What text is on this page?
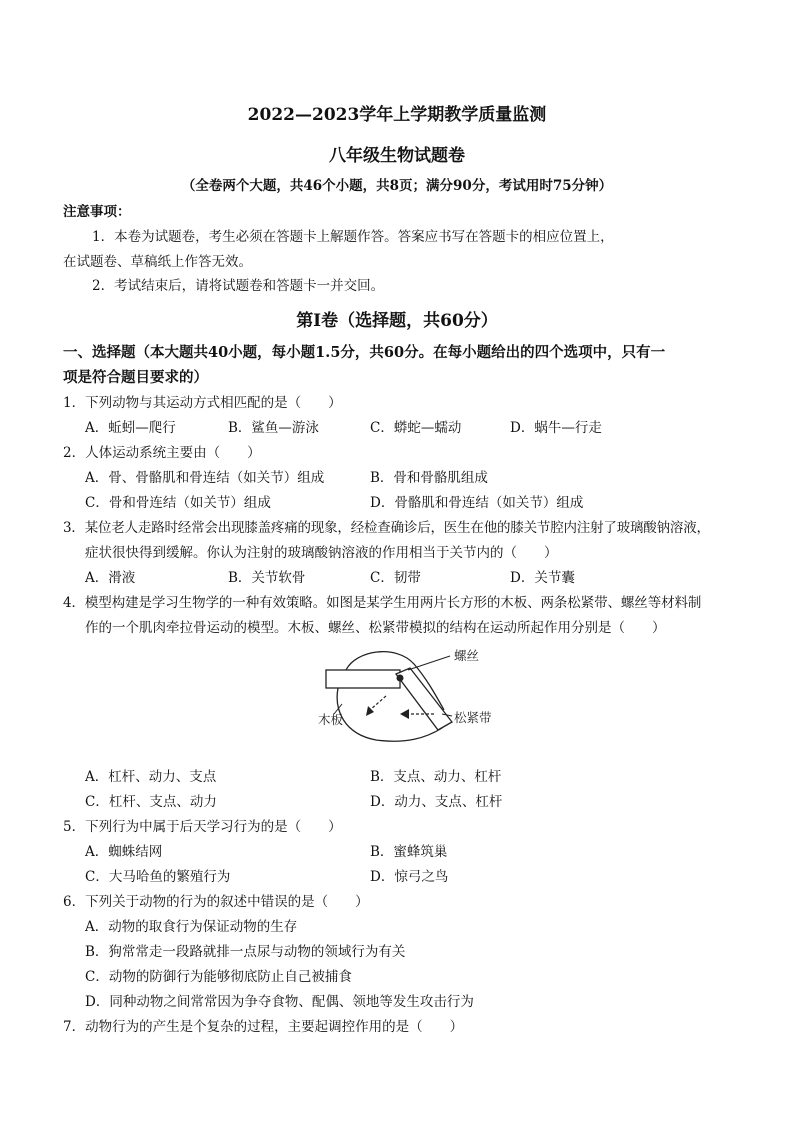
2022—2023学年上学期教学质量监测
八年级生物试题卷
（全卷两个大题，共46个小题，共8页；满分90分，考试用时75分钟）
注意事项：
1．本卷为试题卷，考生必须在答题卡上解题作答。答案应书写在答题卡的相应位置上，
在试题卷、草稿纸上作答无效。
2．考试结束后，请将试题卷和答题卡一并交回。
第Ⅰ卷（选择题，共60分）
一、选择题（本大题共40小题，每小题1.5分，共60分。在每小题给出的四个选项中，只有一
项是符合题目要求的）
1．下列动物与其运动方式相匹配的是（　　）
A．蚯蚓—爬行	B．鲨鱼—游泳	C．蟒蛇—蠕动	D．蜗牛—行走
2．人体运动系统主要由（　　）
A．骨、骨骼肌和骨连结（如关节）组成	B．骨和骨骼肌组成
C．骨和骨连结（如关节）组成	D．骨骼肌和骨连结（如关节）组成
3．某位老人走路时经常会出现膝盖疼痛的现象，经检查确诊后，医生在他的膝关节腔内注射了玻璃酸钠溶液，
症状很快得到缓解。你认为注射的玻璃酸钠溶液的作用相当于关节内的（　　）
A．滑液	B．关节软骨	C．韧带	D．关节囊
4．模型构建是学习生物学的一种有效策略。如图是某学生用两片长方形的木板、两条松紧带、螺丝等材料制
作的一个肌肉牵拉骨运动的模型。木板、螺丝、松紧带模拟的结构在运动所起作用分别是（　　）
螺丝
木板	松紧带
A．杠杆、动力、支点	B．支点、动力、杠杆
C．杠杆、支点、动力	D．动力、支点、杠杆
5．下列行为中属于后天学习行为的是（　　）
A．蜘蛛结网	B．蜜蜂筑巢
C．大马哈鱼的繁殖行为	D．惊弓之鸟
6．下列关于动物的行为的叙述中错误的是（　　）
A．动物的取食行为保证动物的生存
B．狗常常走一段路就排一点尿与动物的领域行为有关
C．动物的防御行为能够彻底防止自己被捕食
D．同种动物之间常常因为争夺食物、配偶、领地等发生攻击行为
7．动物行为的产生是个复杂的过程，主要起调控作用的是（　　）
